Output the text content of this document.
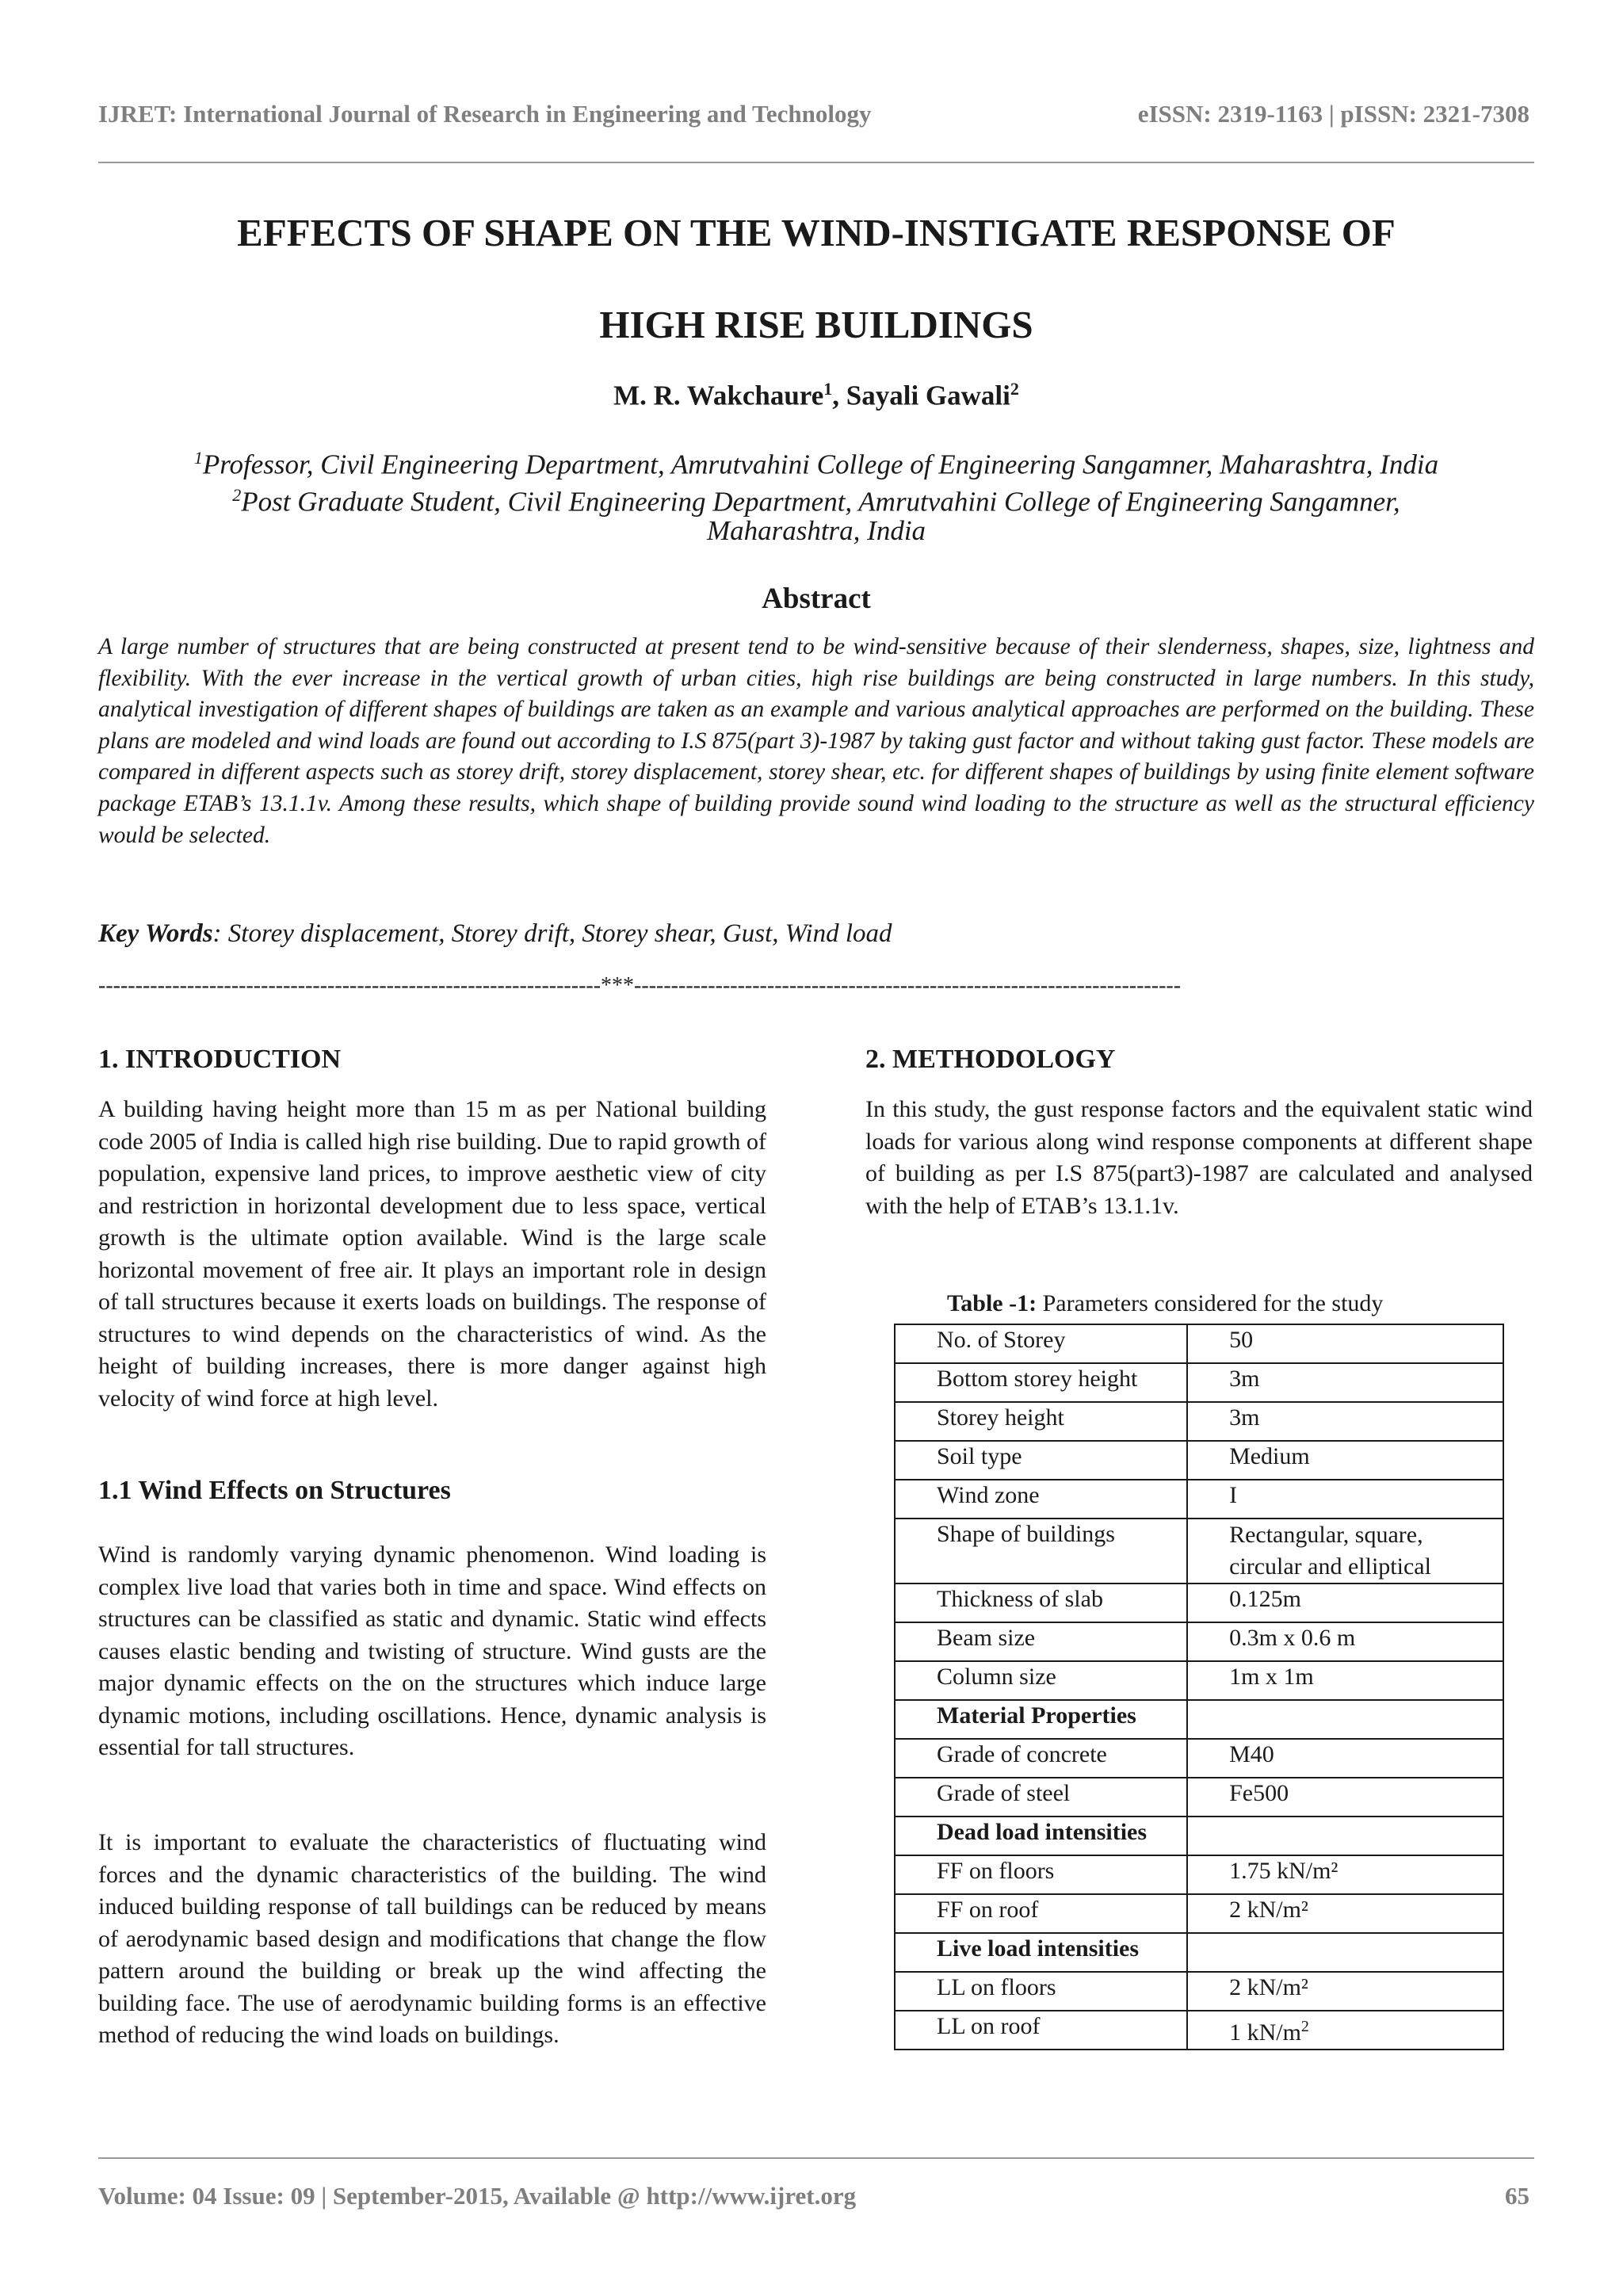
IJRET: International Journal of Research in Engineering and Technology	eISSN: 2319-1163 | pISSN: 2321-7308
EFFECTS OF SHAPE ON THE WIND-INSTIGATE RESPONSE OF
HIGH RISE BUILDINGS
M. R. Wakchaure$^1$, Sayali Gawali$^2$
$^1$Professor, Civil Engineering Department, Amrutvahini College of Engineering Sangamner, Maharashtra, India
$^2$Post Graduate Student, Civil Engineering Department, Amrutvahini College of Engineering Sangamner,
Maharashtra, India
Abstract
A large number of structures that are being constructed at present tend to be wind-sensitive because of their slenderness, shapes, size, lightness and flexibility. With the ever increase in the vertical growth of urban cities, high rise buildings are being constructed in large numbers. In this study, analytical investigation of different shapes of buildings are taken as an example and various analytical approaches are performed on the building. These plans are modeled and wind loads are found out according to I.S 875(part 3)-1987 by taking gust factor and without taking gust factor. These models are compared in different aspects such as storey drift, storey displacement, storey shear, etc. for different shapes of buildings by using finite element software package ETAB’s 13.1.1v. Among these results, which shape of building provide sound wind loading to the structure as well as the structural efficiency would be selected.
Key Words: Storey displacement, Storey drift, Storey shear, Gust, Wind load
--------------------------------------------------------------------***--------------------------------------------------------------------------
1. INTRODUCTION
A building having height more than 15 m as per National building code 2005 of India is called high rise building. Due to rapid growth of population, expensive land prices, to improve aesthetic view of city and restriction in horizontal development due to less space, vertical growth is the ultimate option available. Wind is the large scale horizontal movement of free air. It plays an important role in design of tall structures because it exerts loads on buildings. The response of structures to wind depends on the characteristics of wind. As the height of building increases, there is more danger against high velocity of wind force at high level.
1.1 Wind Effects on Structures
Wind is randomly varying dynamic phenomenon. Wind loading is complex live load that varies both in time and space. Wind effects on structures can be classified as static and dynamic. Static wind effects causes elastic bending and twisting of structure. Wind gusts are the major dynamic effects on the on the structures which induce large dynamic motions, including oscillations. Hence, dynamic analysis is essential for tall structures.
It is important to evaluate the characteristics of fluctuating wind forces and the dynamic characteristics of the building. The wind induced building response of tall buildings can be reduced by means of aerodynamic based design and modifications that change the flow pattern around the building or break up the wind affecting the building face. The use of aerodynamic building forms is an effective method of reducing the wind loads on buildings.
2. METHODOLOGY
In this study, the gust response factors and the equivalent static wind loads for various along wind response components at different shape of building as per I.S 875(part3)-1987 are calculated and analysed with the help of ETAB’s 13.1.1v.
Table -1: Parameters considered for the study
No. of Storey	50
Bottom storey height	3m
Storey height	3m
Soil type	Medium
Wind zone	I
Shape of buildings	Rectangular, square, circular and elliptical
Thickness of slab	0.125m
Beam size	0.3m x 0.6 m
Column size	1m x 1m
Material Properties	
Grade of concrete	M40
Grade of steel	Fe500
Dead load intensities	
FF on floors	1.75 kN/m²
FF on roof	2 kN/m²
Live load intensities	
LL on floors	2 kN/m²
LL on roof	1 $kN/m^2$
Volume: 04 Issue: 09 | September-2015, Available @ http://www.ijret.org	65
